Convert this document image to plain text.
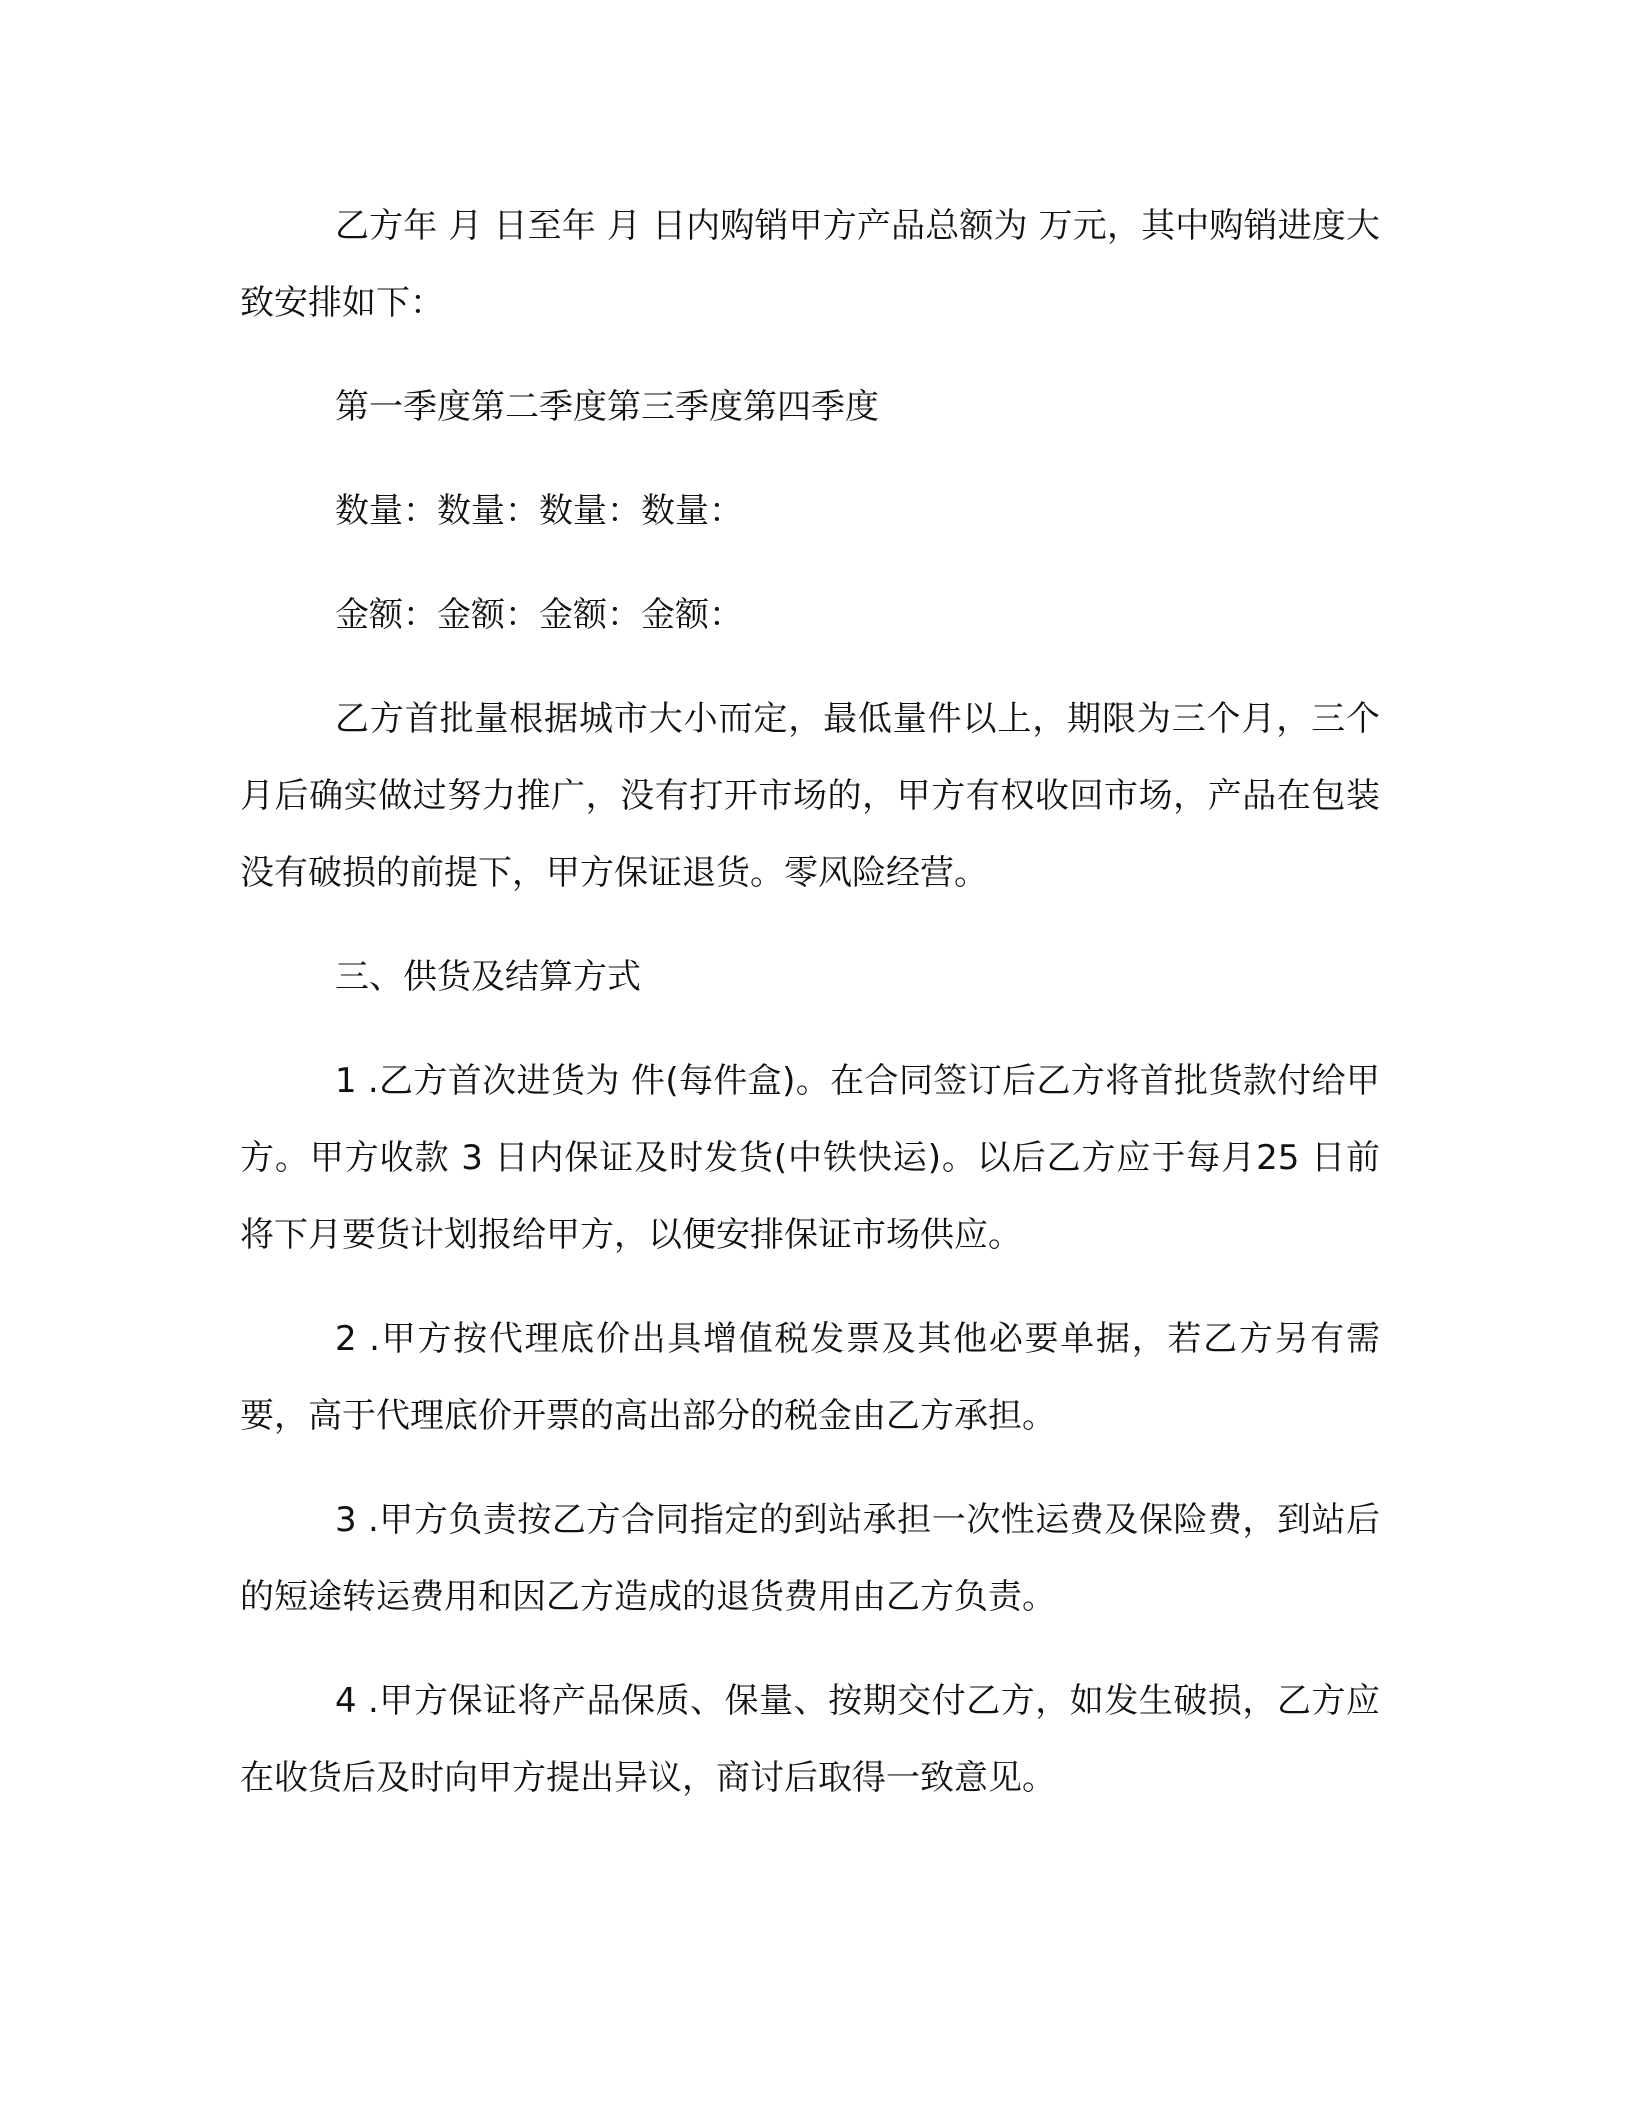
乙方年 月 日至年 月 日内购销甲方产品总额为 万元，其中购销进度大致安排如下：

第一季度第二季度第三季度第四季度

数量：数量：数量：数量：

金额：金额：金额：金额：

乙方首批量根据城市大小而定，最低量件以上，期限为三个月，三个月后确实做过努力推广，没有打开市场的，甲方有权收回市场，产品在包装没有破损的前提下，甲方保证退货。零风险经营。

三、供货及结算方式

1 .乙方首次进货为 件(每件盒)。在合同签订后乙方将首批货款付给甲方。甲方收款 3 日内保证及时发货(中铁快运)。以后乙方应于每月25 日前将下月要货计划报给甲方，以便安排保证市场供应。

2 .甲方按代理底价出具增值税发票及其他必要单据，若乙方另有需要，高于代理底价开票的高出部分的税金由乙方承担。

3 .甲方负责按乙方合同指定的到站承担一次性运费及保险费，到站后的短途转运费用和因乙方造成的退货费用由乙方负责。

4 .甲方保证将产品保质、保量、按期交付乙方，如发生破损，乙方应在收货后及时向甲方提出异议，商讨后取得一致意见。
